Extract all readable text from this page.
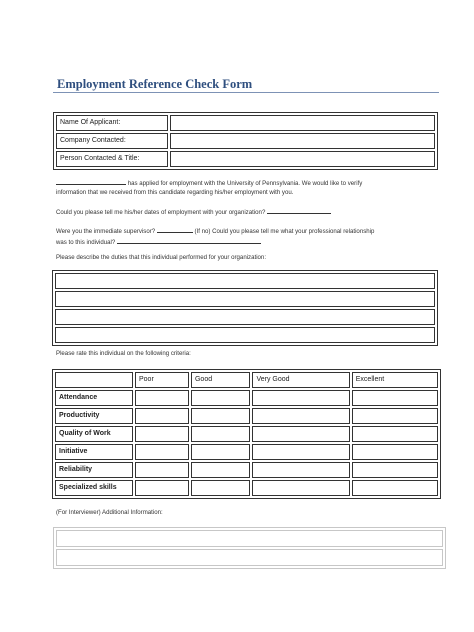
Employment Reference Check Form
Name Of Applicant:	
Company Contacted:	
Person Contacted & Title:	
has applied for employment with the University of Pennsylvania. We would like to verify
information that we received from this candidate regarding his/her employment with you.
Could you please tell me his/her dates of employment with your organization?
Were you the immediate supervisor?	(If no) Could you please tell me what your professional relationship
was to this individual?
Please describe the duties that this individual performed for your organization:

Please rate this individual on the following criteria:
	Poor	Good	Very Good	Excellent
Attendance				
Productivity				
Quality of Work				
Initiative				
Reliability				
Specialized skills				
(For Interviewer) Additional Information:
